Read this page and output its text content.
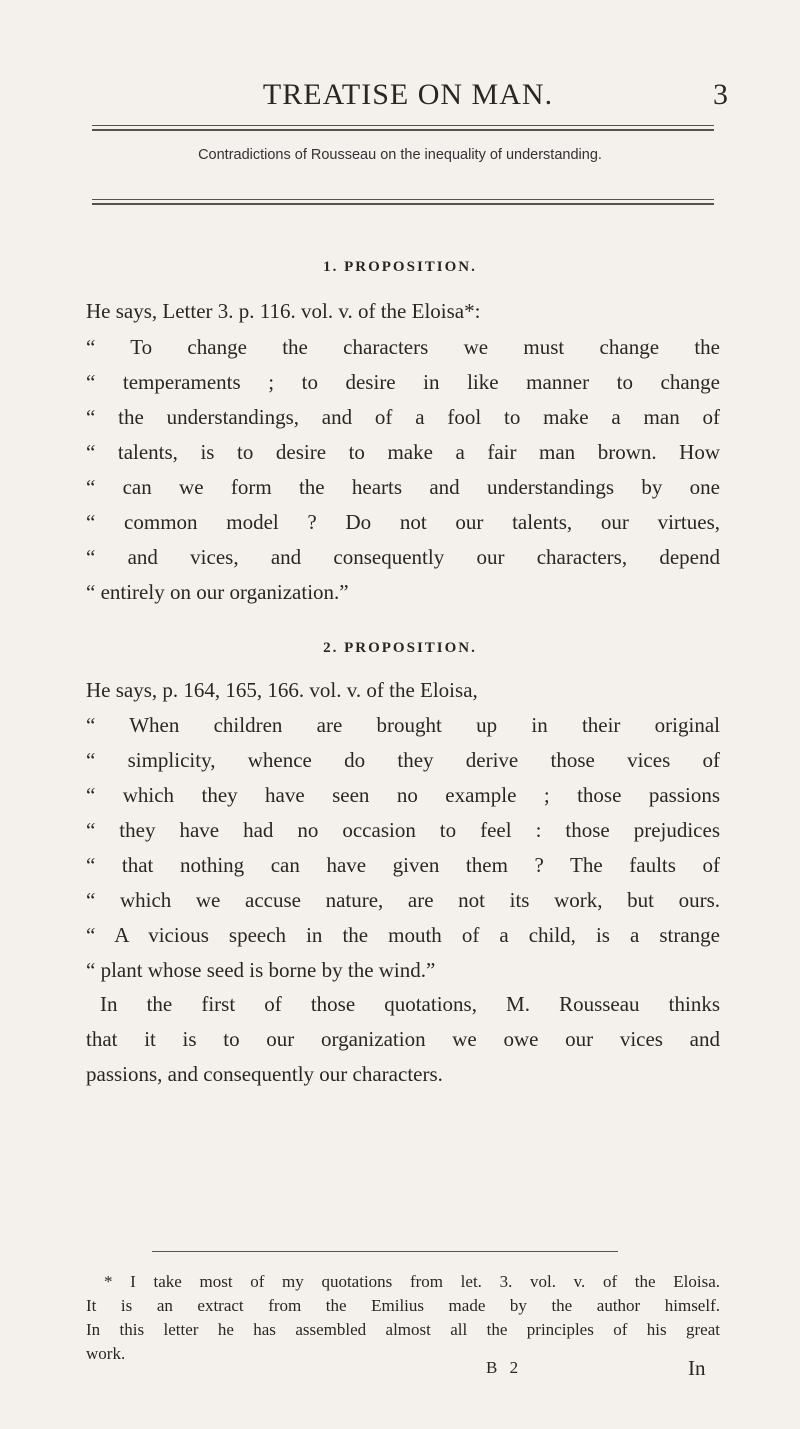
TREATISE ON MAN.	3
Contradictions of Rousseau on the inequality of understanding.
1. PROPOSITION.
He says, Letter 3. p. 116. vol. v. of the Eloisa*:
“ To change the characters we must change the
“ temperaments ; to desire in like manner to change
“ the understandings, and of a fool to make a man of
“ talents, is to desire to make a fair man brown. How
“ can we form the hearts and understandings by one
“ common model ? Do not our talents, our virtues,
“ and vices, and consequently our characters, depend
“ entirely on our organization.”
2. PROPOSITION.
He says, p. 164, 165, 166. vol. v. of the Eloisa,
“ When children are brought up in their original
“ simplicity, whence do they derive those vices of
“ which they have seen no example ; those passions
“ they have had no occasion to feel : those prejudices
“ that nothing can have given them ? The faults of
“ which we accuse nature, are not its work, but ours.
“ A vicious speech in the mouth of a child, is a strange
“ plant whose seed is borne by the wind.”
In the first of those quotations, M. Rousseau thinks
that it is to our organization we owe our vices and
passions, and consequently our characters.
* I take most of my quotations from let. 3. vol. v. of the Eloisa.
It is an extract from the Emilius made by the author himself.
In this letter he has assembled almost all the principles of his great
work.
B 2	In
